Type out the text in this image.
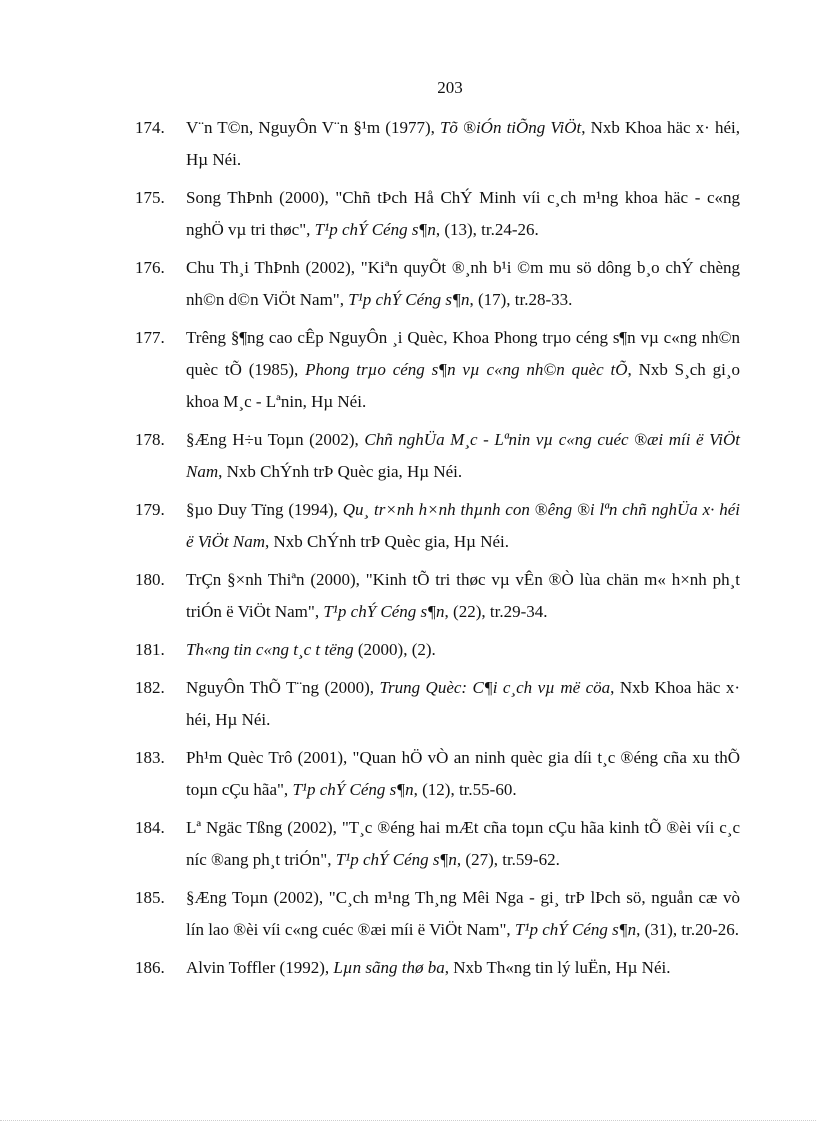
203
174. V¨n T©n, NguyÔn V¨n §¹m (1977), Tõ ®iÓn tiÕng ViÖt, Nxb Khoa häc x· héi, Hµ Néi.
175. Song ThÞnh (2000), "Chñ tÞch Hå ChÝ Minh víi c¸ch m¹ng khoa häc - c«ng nghÖ vµ tri thøc", T¹p chÝ Céng s¶n, (13), tr.24-26.
176. Chu Th¸i ThÞnh (2002), "Kiªn quyÕt ®¸nh b¹i ©m mu sö dông b¸o chÝ chèng nh©n d©n ViÖt Nam", T¹p chÝ Céng s¶n, (17), tr.28-33.
177. Trêng §¶ng cao cÊp NguyÔn ¸i Quèc, Khoa Phong trµo céng s¶n vµ c«ng nh©n quèc tÕ (1985), Phong trµo céng s¶n vµ c«ng nh©n quèc tÕ, Nxb S¸ch gi¸o khoa M¸c - Lªnin, Hµ Néi.
178. §Æng H÷u Toµn (2002), Chñ nghÜa M¸c - Lªnin vµ c«ng cuéc ®æi míi ë ViÖt Nam, Nxb ChÝnh trÞ Quèc gia, Hµ Néi.
179. §µo Duy Tïng (1994), Qu¸ tr×nh h×nh thµnh con ®êng ®i lªn chñ nghÜa x· héi ë ViÖt Nam, Nxb ChÝnh trÞ Quèc gia, Hµ Néi.
180. TrÇn §×nh Thiªn (2000), "Kinh tÕ tri thøc vµ vÊn ®Ò lùa chän m« h×nh ph¸t triÓn ë ViÖt Nam", T¹p chÝ Céng s¶n, (22), tr.29-34.
181. Th«ng tin c«ng t¸c t tëng (2000), (2).
182. NguyÔn ThÕ T¨ng (2000), Trung Quèc: C¶i c¸ch vµ më cöa, Nxb Khoa häc x· héi, Hµ Néi.
183. Ph¹m Quèc Trô (2001), "Quan hÖ vÒ an ninh quèc gia díi t¸c ®éng cña xu thÕ toµn cÇu hãa", T¹p chÝ Céng s¶n, (12), tr.55-60.
184. Lª Ngäc Tßng (2002), "T¸c ®éng hai mÆt cña toµn cÇu hãa kinh tÕ ®èi víi c¸c níc ®ang ph¸t triÓn", T¹p chÝ Céng s¶n, (27), tr.59-62.
185. §Æng Toµn (2002), "C¸ch m¹ng Th¸ng Mêi Nga - gi¸ trÞ lÞch sö, nguån cæ vò lín lao ®èi víi c«ng cuéc ®æi míi ë ViÖt Nam", T¹p chÝ Céng s¶n, (31), tr.20-26.
186. Alvin Toffler (1992), Lµn sãng thø ba, Nxb Th«ng tin lý luËn, Hµ Néi.
